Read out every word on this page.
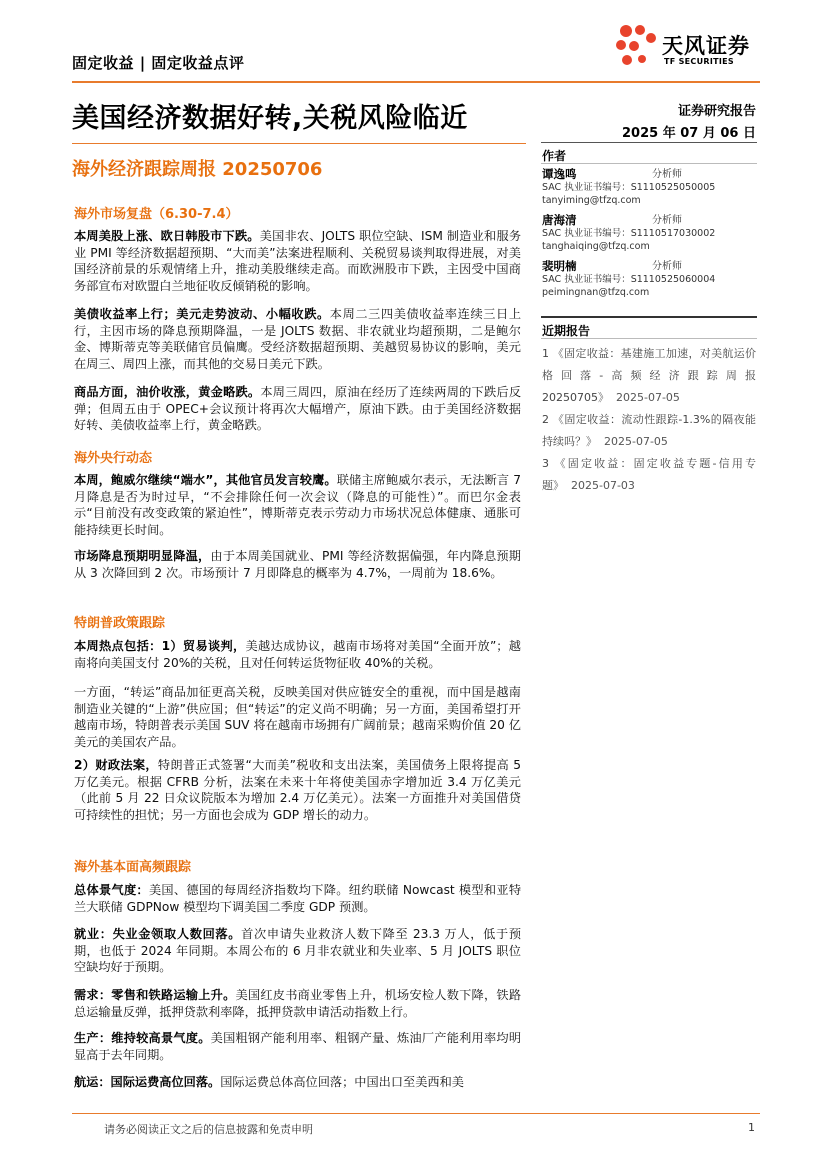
固定收益 | 固定收益点评
天风证券
TF SECURITIES
美国经济数据好转,关税风险临近
海外经济跟踪周报 20250706
证券研究报告
2025 年 07 月 06 日
作者
谭逸鸣	分析师
SAC 执业证书编号：S1110525050005
tanyiming@tfzq.com
唐海清	分析师
SAC 执业证书编号：S1110517030002
tanghaiqing@tfzq.com
裴明楠	分析师
SAC 执业证书编号：S1110525060004
peimingnan@tfzq.com
近期报告
1 《固定收益：基建施工加速，对美航运价格回落-高频经济跟踪周报20250705》 2025-07-05
2 《固定收益：流动性跟踪-1.3%的隔夜能持续吗？》 2025-07-05
3 《固定收益：固定收益专题-信用专题》 2025-07-03
海外市场复盘（6.30-7.4）
本周美股上涨、欧日韩股市下跌。美国非农、JOLTS 职位空缺、ISM 制造业和服务业 PMI 等经济数据超预期、“大而美”法案进程顺利、关税贸易谈判取得进展，对美国经济前景的乐观情绪上升，推动美股继续走高。而欧洲股市下跌，主因受中国商务部宣布对欧盟白兰地征收反倾销税的影响。
美债收益率上行；美元走势波动、小幅收跌。本周二三四美债收益率连续三日上行，主因市场的降息预期降温，一是 JOLTS 数据、非农就业均超预期，二是鲍尔金、博斯蒂克等美联储官员偏鹰。受经济数据超预期、美越贸易协议的影响，美元在周三、周四上涨，而其他的交易日美元下跌。
商品方面，油价收涨，黄金略跌。本周三周四，原油在经历了连续两周的下跌后反弹；但周五由于 OPEC+会议预计将再次大幅增产，原油下跌。由于美国经济数据好转、美债收益率上行，黄金略跌。
海外央行动态
本周，鲍威尔继续“端水”，其他官员发言较鹰。联储主席鲍威尔表示，无法断言 7 月降息是否为时过早，“不会排除任何一次会议（降息的可能性）”。而巴尔金表示“目前没有改变政策的紧迫性”，博斯蒂克表示劳动力市场状况总体健康、通胀可能持续更长时间。
市场降息预期明显降温，由于本周美国就业、PMI 等经济数据偏强，年内降息预期从 3 次降回到 2 次。市场预计 7 月即降息的概率为 4.7%，一周前为 18.6%。
特朗普政策跟踪
本周热点包括：1）贸易谈判，美越达成协议，越南市场将对美国“全面开放”；越南将向美国支付 20%的关税，且对任何转运货物征收 40%的关税。
一方面，“转运”商品加征更高关税，反映美国对供应链安全的重视，而中国是越南制造业关键的“上游”供应国；但“转运”的定义尚不明确；另一方面，美国希望打开越南市场，特朗普表示美国 SUV 将在越南市场拥有广阔前景；越南采购价值 20 亿美元的美国农产品。
2）财政法案，特朗普正式签署“大而美”税收和支出法案，美国债务上限将提高 5 万亿美元。根据 CFRB 分析，法案在未来十年将使美国赤字增加近 3.4 万亿美元（此前 5 月 22 日众议院版本为增加 2.4 万亿美元）。法案一方面推升对美国借贷可持续性的担忧；另一方面也会成为 GDP 增长的动力。
海外基本面高频跟踪
总体景气度：美国、德国的每周经济指数均下降。纽约联储 Nowcast 模型和亚特兰大联储 GDPNow 模型均下调美国二季度 GDP 预测。
就业：失业金领取人数回落。首次申请失业救济人数下降至 23.3 万人，低于预期，也低于 2024 年同期。本周公布的 6 月非农就业和失业率、5 月 JOLTS 职位空缺均好于预期。
需求：零售和铁路运输上升。美国红皮书商业零售上升，机场安检人数下降，铁路总运输量反弹，抵押贷款利率降，抵押贷款申请活动指数上行。
生产：维持较高景气度。美国粗钢产能利用率、粗钢产量、炼油厂产能利用率均明显高于去年同期。
航运：国际运费高位回落。国际运费总体高位回落；中国出口至美西和美
请务必阅读正文之后的信息披露和免责申明	1
